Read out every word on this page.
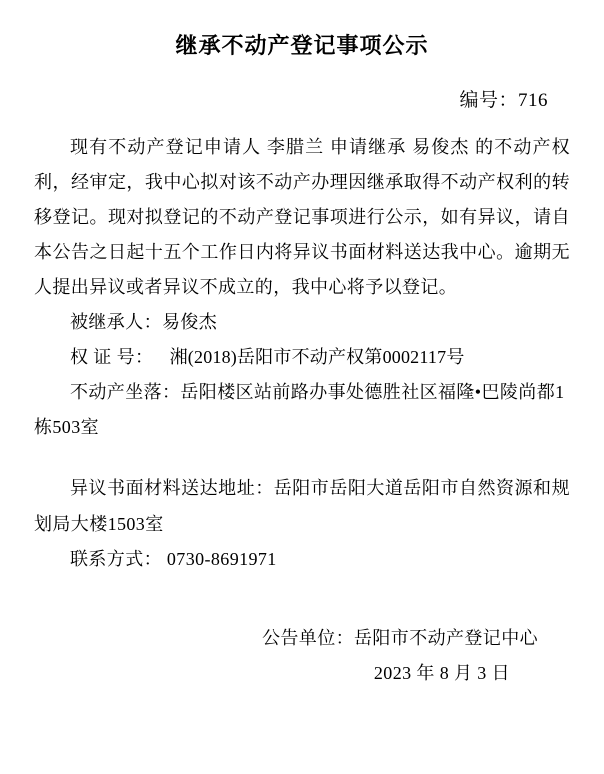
继承不动产登记事项公示
编号：716

现有不动产登记申请人 李腊兰 申请继承 易俊杰 的不动产权利，经审定，我中心拟对该不动产办理因继承取得不动产权利的转移登记。现对拟登记的不动产登记事项进行公示，如有异议，请自本公告之日起十五个工作日内将异议书面材料送达我中心。逾期无人提出异议或者异议不成立的，我中心将予以登记。

被继承人：易俊杰
权 证 号： 湘(2018)岳阳市不动产权第0002117号
不动产坐落：岳阳楼区站前路办事处德胜社区福隆•巴陵尚都1栋503室

异议书面材料送达地址：岳阳市岳阳大道岳阳市自然资源和规划局大楼1503室

联系方式： 0730-8691971

公告单位：岳阳市不动产登记中心
2023 年 8 月 3 日
